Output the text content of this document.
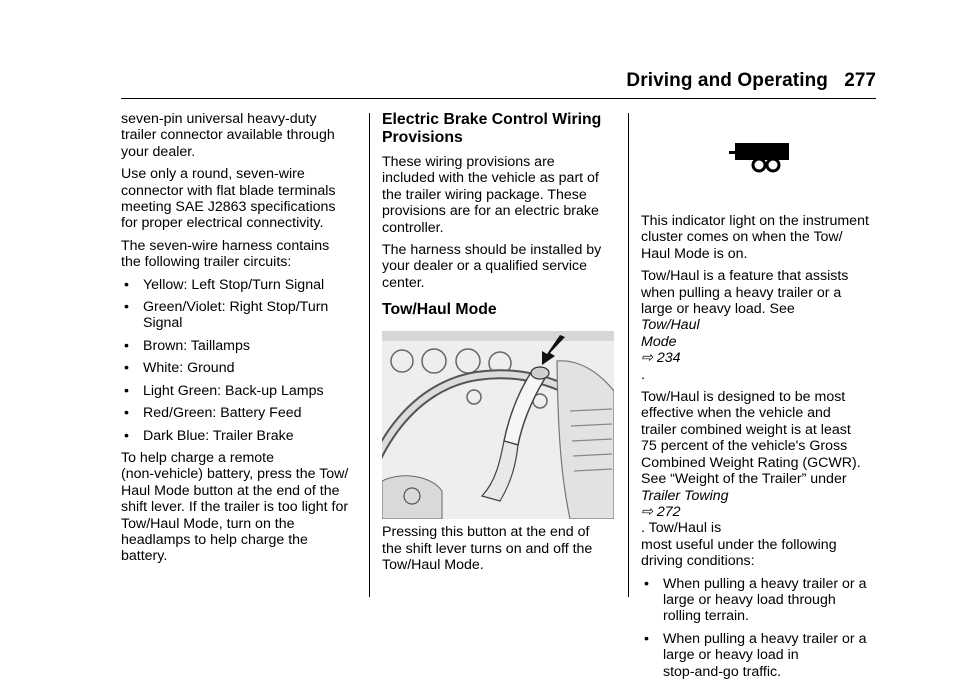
Driving and Operating 277
seven-pin universal heavy-duty
trailer connector available through
your dealer.
Use only a round, seven-wire
connector with flat blade terminals
meeting SAE J2863 specifications
for proper electrical connectivity.
The seven-wire harness contains
the following trailer circuits:
• Yellow: Left Stop/Turn Signal
• Green/Violet: Right Stop/Turn
Signal
• Brown: Taillamps
• White: Ground
• Light Green: Back-up Lamps
• Red/Green: Battery Feed
• Dark Blue: Trailer Brake
To help charge a remote
(non-vehicle) battery, press the Tow/
Haul Mode button at the end of the
shift lever. If the trailer is too light for
Tow/Haul Mode, turn on the
headlamps to help charge the
battery.
Electric Brake Control Wiring
Provisions
These wiring provisions are
included with the vehicle as part of
the trailer wiring package. These
provisions are for an electric brake
controller.
The harness should be installed by
your dealer or a qualified service
center.
Tow/Haul Mode
Pressing this button at the end of
the shift lever turns on and off the
Tow/Haul Mode.
This indicator light on the instrument
cluster comes on when the Tow/
Haul Mode is on.
Tow/Haul is a feature that assists
when pulling a heavy trailer or a
large or heavy load. See
Tow/Haul
Mode
⇨ 234
.
Tow/Haul is designed to be most
effective when the vehicle and
trailer combined weight is at least
75 percent of the vehicle's Gross
Combined Weight Rating (GCWR).
See “Weight of the Trailer” under
Trailer Towing
⇨ 272
. Tow/Haul is
most useful under the following
driving conditions:
• When pulling a heavy trailer or a
large or heavy load through
rolling terrain.
• When pulling a heavy trailer or a
large or heavy load in
stop-and-go traffic.
